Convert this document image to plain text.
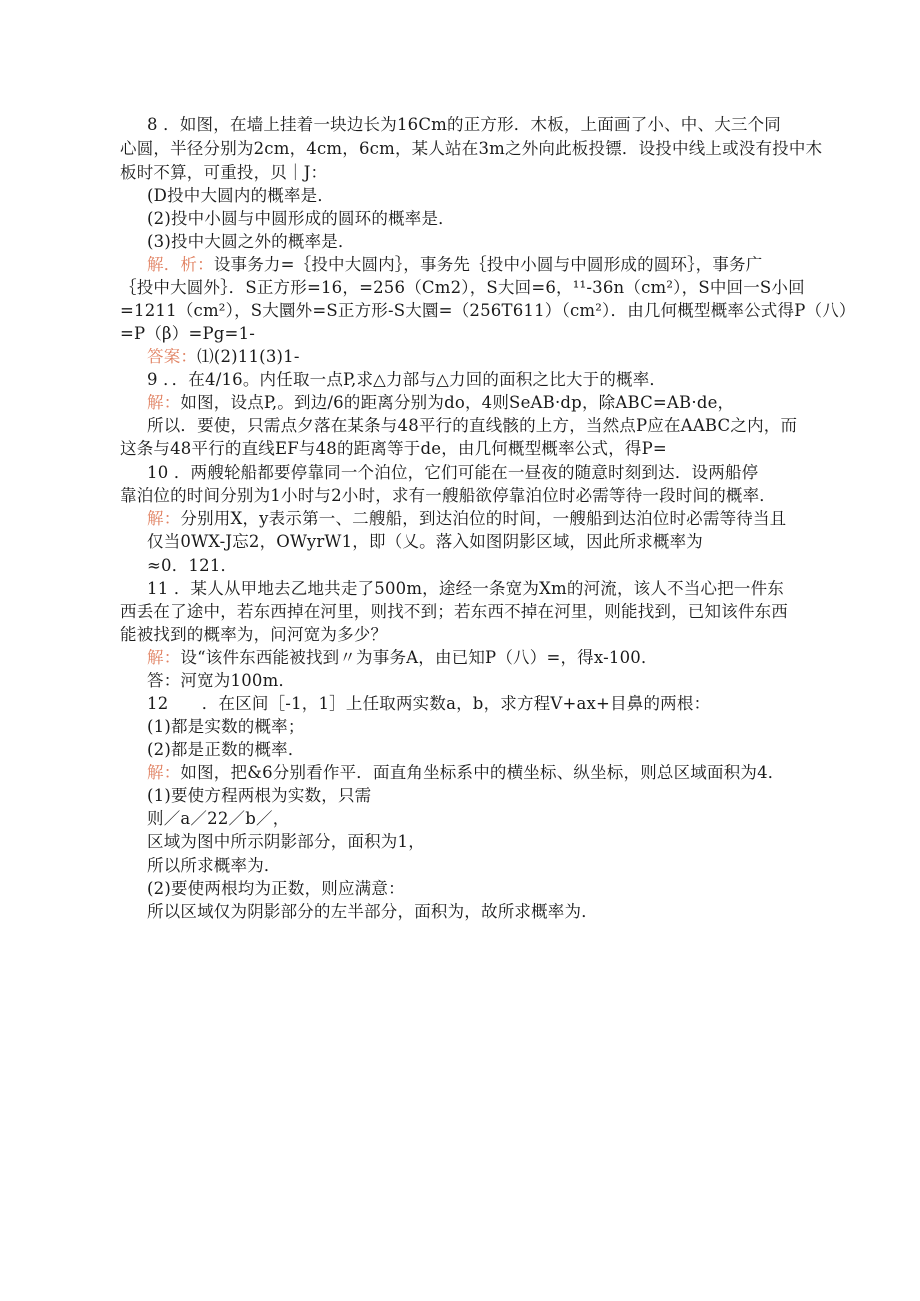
8 ．如图，在墙上挂着一块边长为16Cm的正方形．木板，上面画了小、中、大三个同
心圆，半径分别为2cm，4cm，6cm，某人站在3m之外向此板投镖．设投中线上或没有投中木
板时不算，可重投，贝｜J：
(D投中大圆内的概率是．
(2)投中小圆与中圆形成的圆环的概率是．
(3)投中大圆之外的概率是．
解．析：设事务力=｛投中大圆内｝，事务先｛投中小圆与中圆形成的圆环｝，事务广
｛投中大圆外｝．S正方形=16，=256（Cm2），S大回=6，¹¹-36n（cm²），S中回一S小回
=1211（cm²），S大圜外=S正方形-S大圜=（256T611）（cm²）．由几何概型概率公式得P（八）
=P（β）=Pg=1-
答案：⑴(2)11(3)1-
9 ．．在4/16。内任取一点P,求△力部与△力回的面积之比大于的概率．
解：如图，设点P,。到边/6的距离分别为do，4则SeAB·dp，除ABC=AB·de，
所以．要使，只需点夕落在某条与48平行的直线骸的上方，当然点P应在AABC之内，而
这条与48平行的直线EF与48的距离等于de，由几何概型概率公式，得P=
10 ．两艘轮船都要停靠同一个泊位，它们可能在一昼夜的随意时刻到达．设两船停
靠泊位的时间分别为1小时与2小时，求有一艘船欲停靠泊位时必需等待一段时间的概率．
解：分别用X，y表示第一、二艘船，到达泊位的时间，一艘船到达泊位时必需等待当且
仅当0WX-J忘2，OWyrW1，即（乂。落入如图阴影区域，因此所求概率为
≈0．121．
11 ．某人从甲地去乙地共走了500m，途经一条宽为Xm的河流，该人不当心把一件东
西丢在了途中，若东西掉在河里，则找不到；若东西不掉在河里，则能找到，已知该件东西
能被找到的概率为，问河宽为多少？
解：设“该件东西能被找到〃为事务A，由已知P（八）=，得x-100．
答：河宽为100m．
12　　．在区间［-1，1］上任取两实数a，b，求方程V+ax+目鼻的两根：
(1)都是实数的概率；
(2)都是正数的概率．
解：如图，把&6分别看作平．面直角坐标系中的横坐标、纵坐标，则总区域面积为4．
(1)要使方程两根为实数，只需
则／a／22／b／，
区域为图中所示阴影部分，面积为1，
所以所求概率为．
(2)要使两根均为正数，则应满意：
所以区域仅为阴影部分的左半部分，面积为，故所求概率为．
